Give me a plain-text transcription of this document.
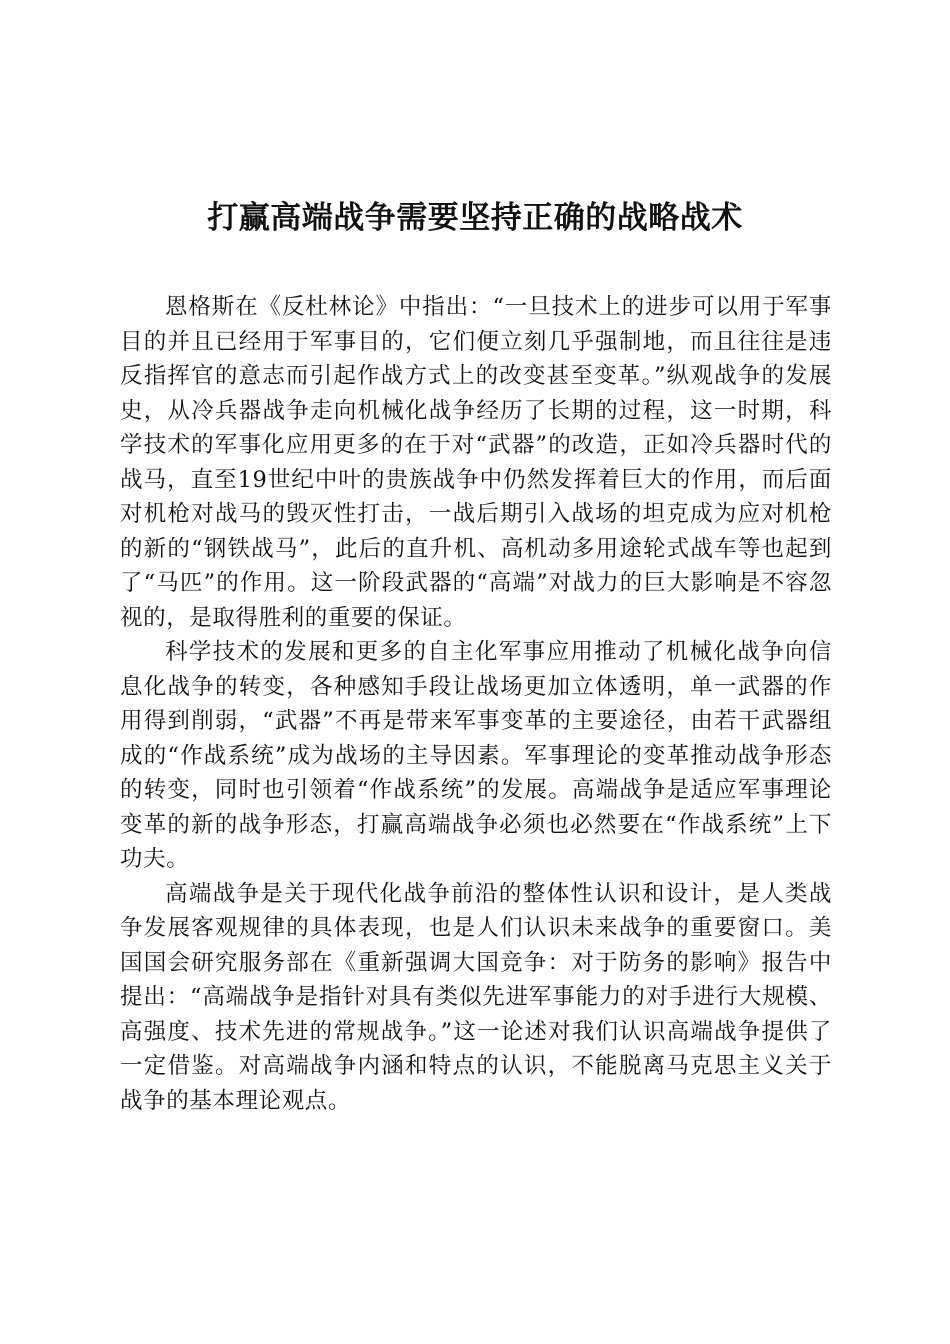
打赢高端战争需要坚持正确的战略战术

恩格斯在《反杜林论》中指出：“一旦技术上的进步可以用于军事目的并且已经用于军事目的，它们便立刻几乎强制地，而且往往是违反指挥官的意志而引起作战方式上的改变甚至变革。”纵观战争的发展史，从冷兵器战争走向机械化战争经历了长期的过程，这一时期，科学技术的军事化应用更多的在于对“武器”的改造，正如冷兵器时代的战马，直至19世纪中叶的贵族战争中仍然发挥着巨大的作用，而后面对机枪对战马的毁灭性打击，一战后期引入战场的坦克成为应对机枪的新的“钢铁战马”，此后的直升机、高机动多用途轮式战车等也起到了“马匹”的作用。这一阶段武器的“高端”对战力的巨大影响是不容忽视的，是取得胜利的重要的保证。

科学技术的发展和更多的自主化军事应用推动了机械化战争向信息化战争的转变，各种感知手段让战场更加立体透明，单一武器的作用得到削弱，“武器”不再是带来军事变革的主要途径，由若干武器组成的“作战系统”成为战场的主导因素。军事理论的变革推动战争形态的转变，同时也引领着“作战系统”的发展。高端战争是适应军事理论变革的新的战争形态，打赢高端战争必须也必然要在“作战系统”上下功夫。

高端战争是关于现代化战争前沿的整体性认识和设计，是人类战争发展客观规律的具体表现，也是人们认识未来战争的重要窗口。美国国会研究服务部在《重新强调大国竞争：对于防务的影响》报告中提出：“高端战争是指针对具有类似先进军事能力的对手进行大规模、高强度、技术先进的常规战争。”这一论述对我们认识高端战争提供了一定借鉴。对高端战争内涵和特点的认识，不能脱离马克思主义关于战争的基本理论观点。
